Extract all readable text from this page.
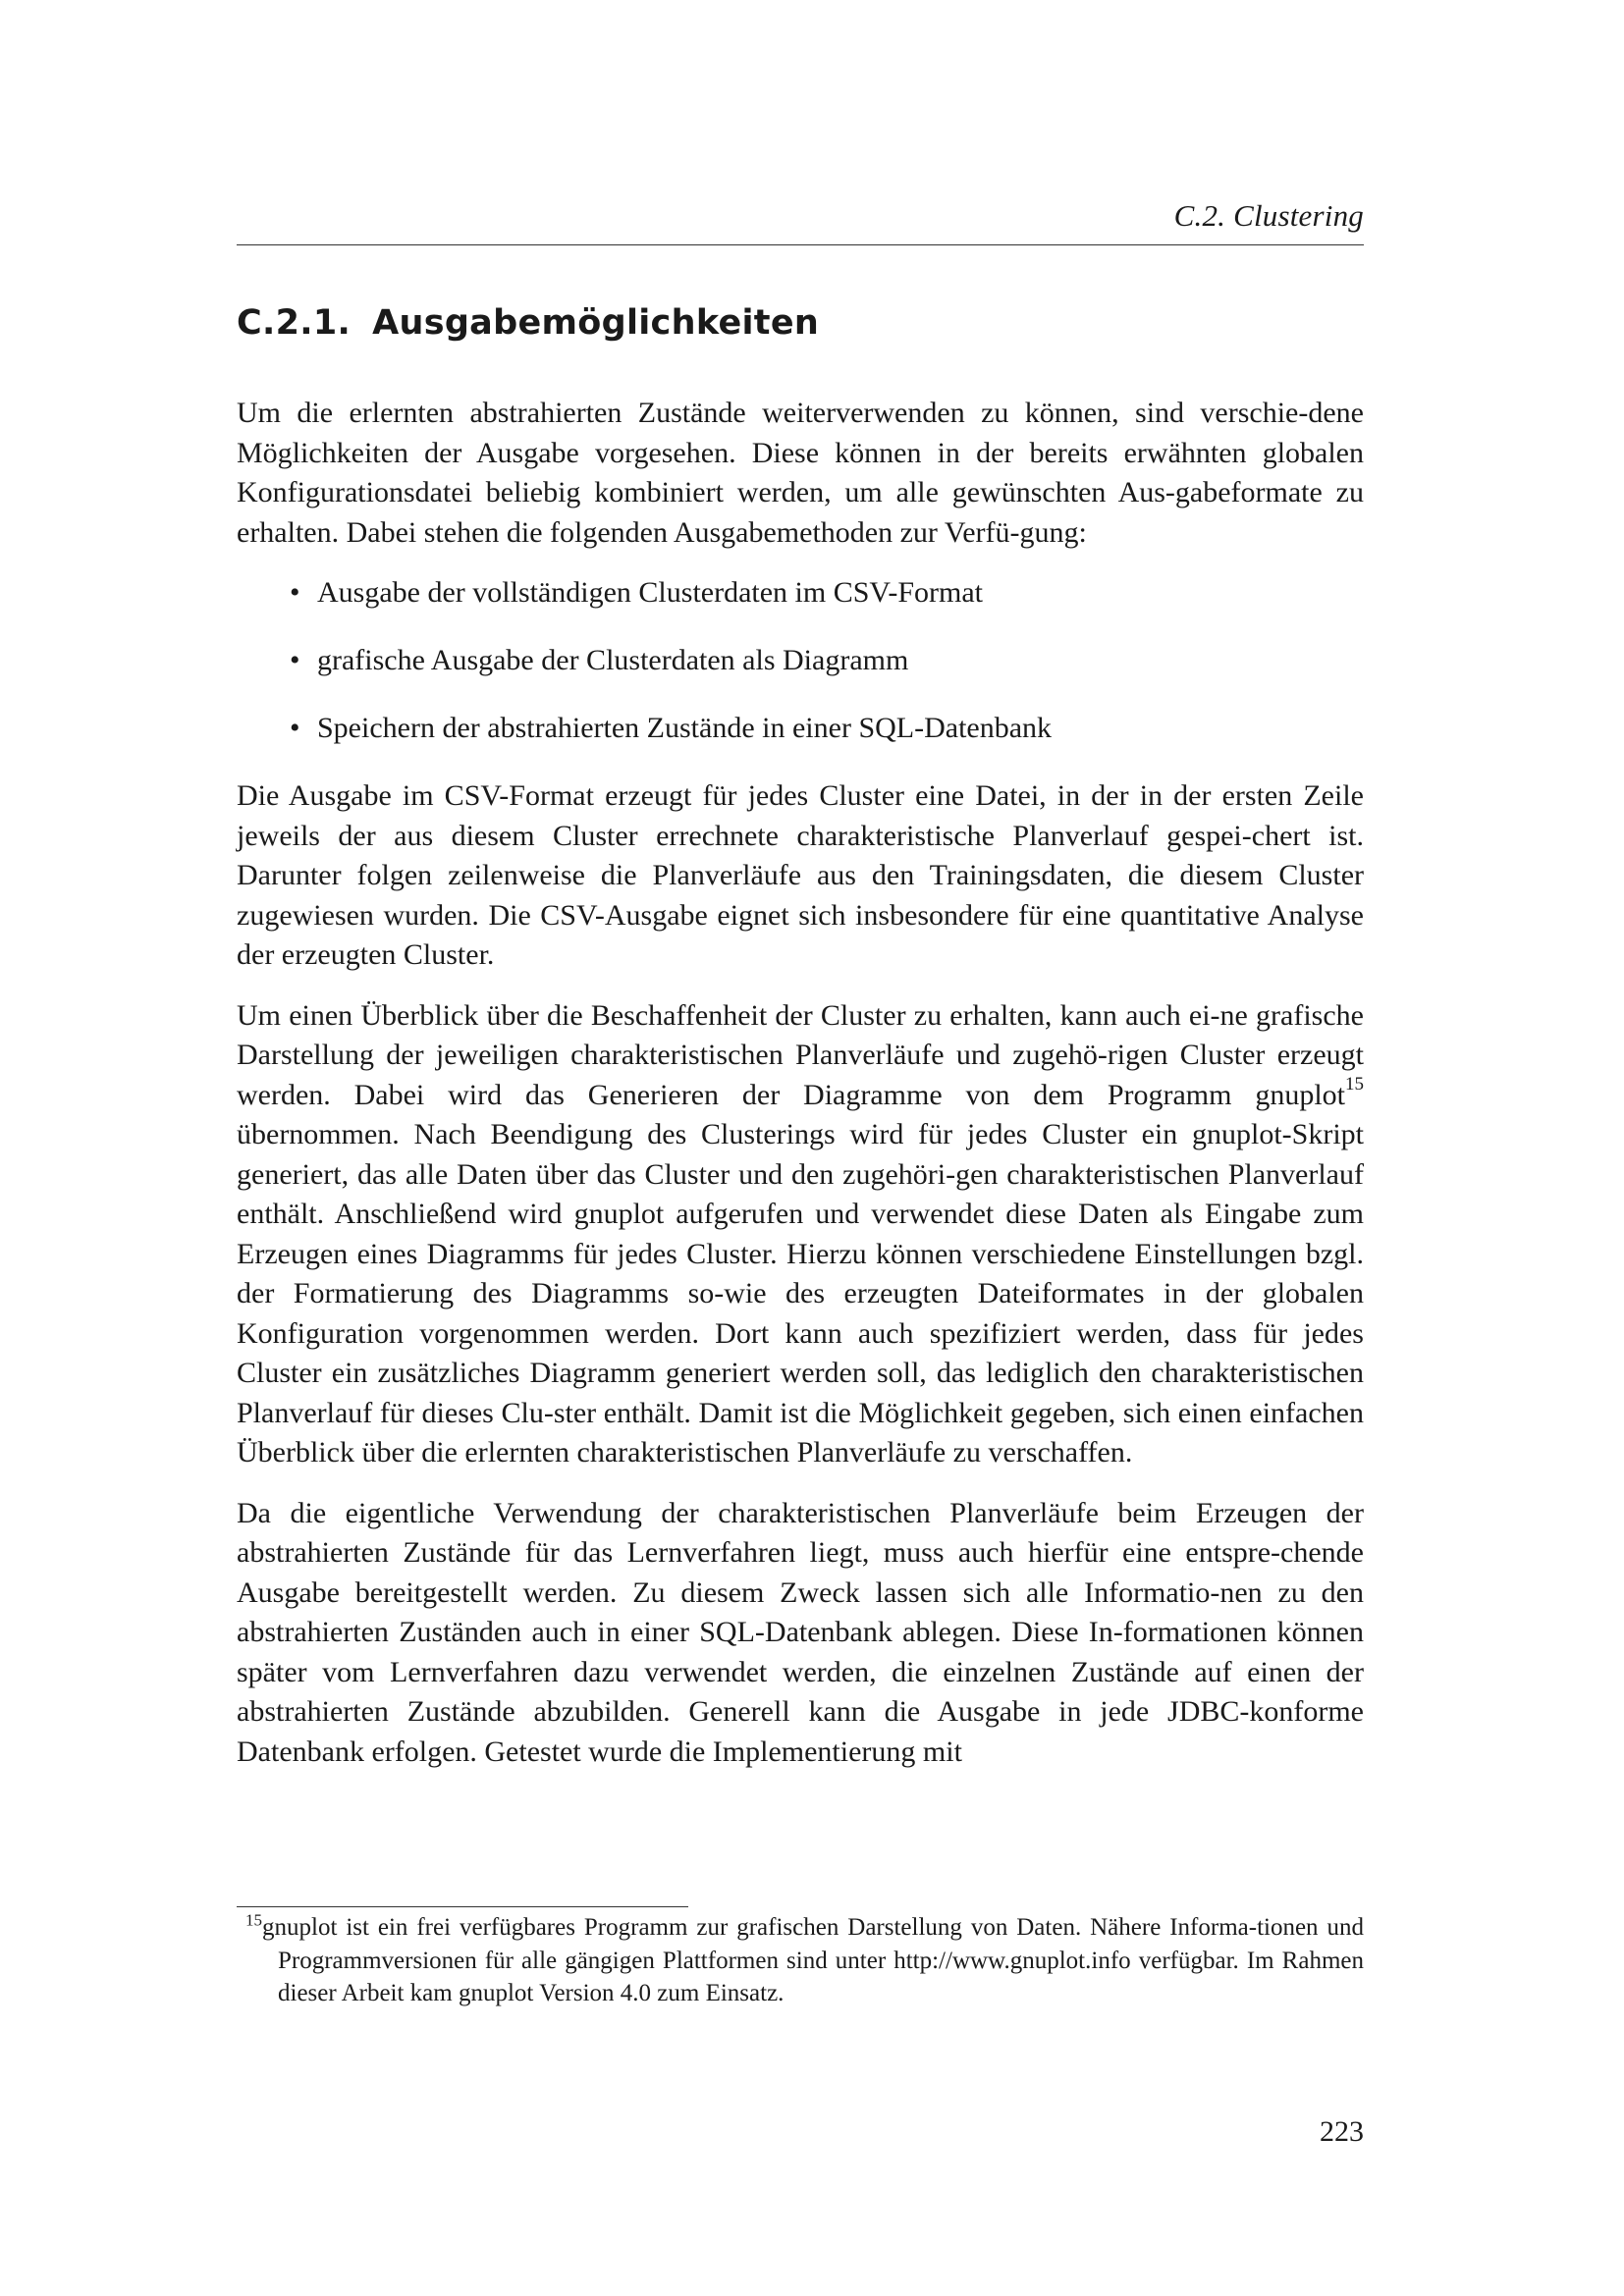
C.2. Clustering
C.2.1. Ausgabemöglichkeiten

Um die erlernten abstrahierten Zustände weiterverwenden zu können, sind verschie-dene Möglichkeiten der Ausgabe vorgesehen. Diese können in der bereits erwähnten globalen Konfigurationsdatei beliebig kombiniert werden, um alle gewünschten Aus-gabeformate zu erhalten. Dabei stehen die folgenden Ausgabemethoden zur Verfü-gung:

• Ausgabe der vollständigen Clusterdaten im CSV-Format
• grafische Ausgabe der Clusterdaten als Diagramm
• Speichern der abstrahierten Zustände in einer SQL-Datenbank

Die Ausgabe im CSV-Format erzeugt für jedes Cluster eine Datei, in der in der ersten Zeile jeweils der aus diesem Cluster errechnete charakteristische Planverlauf gespei-chert ist. Darunter folgen zeilenweise die Planverläufe aus den Trainingsdaten, die diesem Cluster zugewiesen wurden. Die CSV-Ausgabe eignet sich insbesondere für eine quantitative Analyse der erzeugten Cluster.

Um einen Überblick über die Beschaffenheit der Cluster zu erhalten, kann auch ei-ne grafische Darstellung der jeweiligen charakteristischen Planverläufe und zugehö-rigen Cluster erzeugt werden. Dabei wird das Generieren der Diagramme von dem Programm gnuplot$^{15}$ übernommen. Nach Beendigung des Clusterings wird für jedes Cluster ein gnuplot-Skript generiert, das alle Daten über das Cluster und den zugehöri-gen charakteristischen Planverlauf enthält. Anschließend wird gnuplot aufgerufen und verwendet diese Daten als Eingabe zum Erzeugen eines Diagramms für jedes Cluster. Hierzu können verschiedene Einstellungen bzgl. der Formatierung des Diagramms so-wie des erzeugten Dateiformates in der globalen Konfiguration vorgenommen werden. Dort kann auch spezifiziert werden, dass für jedes Cluster ein zusätzliches Diagramm generiert werden soll, das lediglich den charakteristischen Planverlauf für dieses Clu-ster enthält. Damit ist die Möglichkeit gegeben, sich einen einfachen Überblick über die erlernten charakteristischen Planverläufe zu verschaffen.

Da die eigentliche Verwendung der charakteristischen Planverläufe beim Erzeugen der abstrahierten Zustände für das Lernverfahren liegt, muss auch hierfür eine entspre-chende Ausgabe bereitgestellt werden. Zu diesem Zweck lassen sich alle Informatio-nen zu den abstrahierten Zuständen auch in einer SQL-Datenbank ablegen. Diese In-formationen können später vom Lernverfahren dazu verwendet werden, die einzelnen Zustände auf einen der abstrahierten Zustände abzubilden. Generell kann die Ausgabe in jede JDBC-konforme Datenbank erfolgen. Getestet wurde die Implementierung mit

$^{15}$gnuplot ist ein frei verfügbares Programm zur grafischen Darstellung von Daten. Nähere Informa-tionen und Programmversionen für alle gängigen Plattformen sind unter http://www.gnuplot.info verfügbar. Im Rahmen dieser Arbeit kam gnuplot Version 4.0 zum Einsatz.
223
